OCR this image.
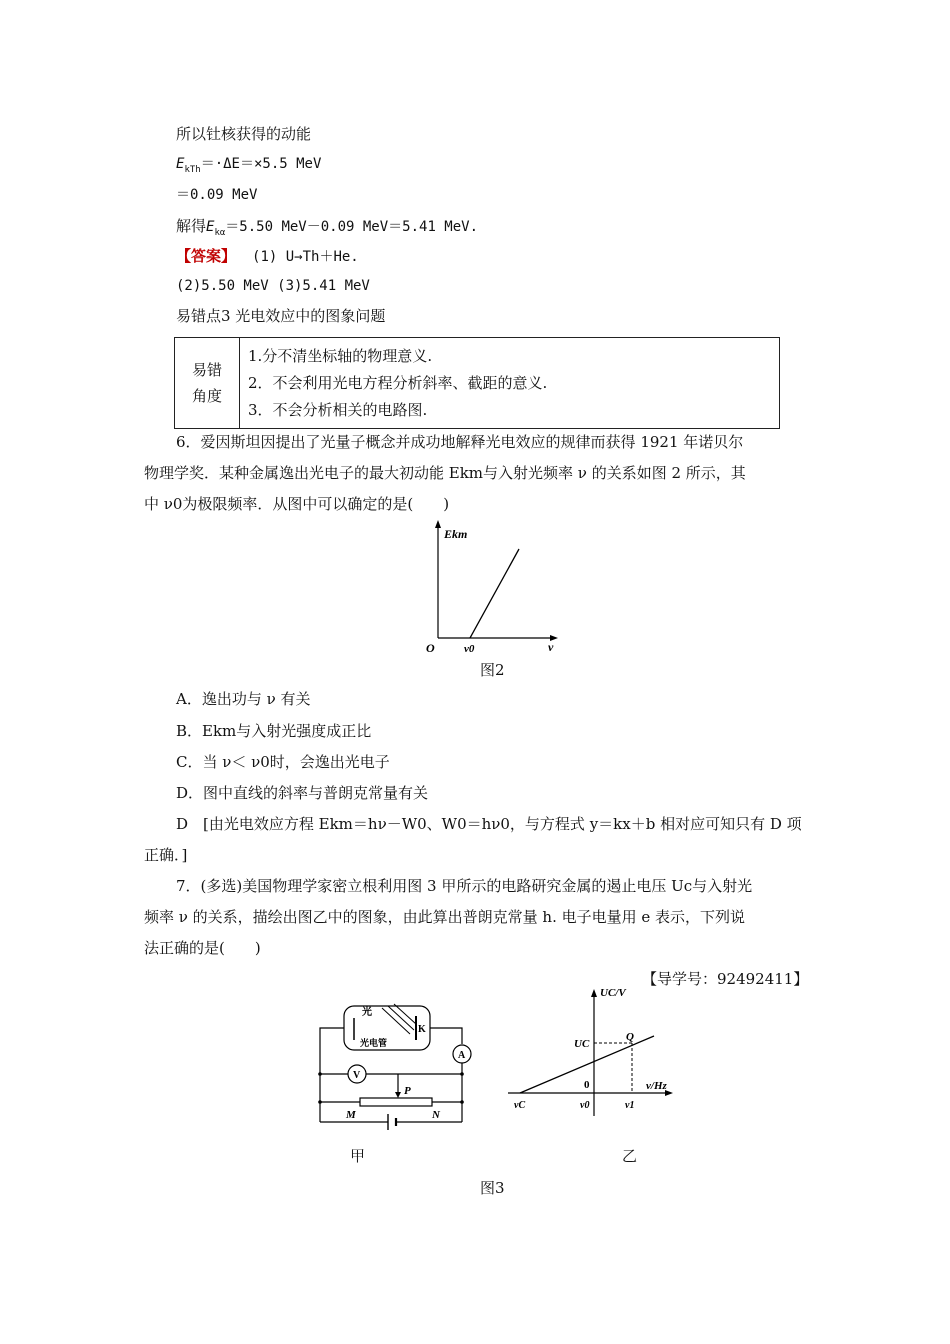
所以钍核获得的动能
$E_{kTh}=\cdot\Delta E=\times 5.5$ MeV
＝0.09 MeV
解得$E_{k\alpha}=5.50$ MeV－0.09 MeV＝5.41 MeV.
【答案】 (1) U→Th＋He.
(2)5.50 MeV (3)5.41 MeV
易错点3 光电效应中的图象问题
易错
角度

1.分不清坐标轴的物理意义.
2．不会利用光电方程分析斜率、截距的意义.
3．不会分析相关的电路图.
6．爱因斯坦因提出了光量子概念并成功地解释光电效应的规律而获得 1921 年诺贝尔
物理学奖．某种金属逸出光电子的最大初动能 Ekm与入射光频率 ν 的关系如图 2 所示，其
中 ν0为极限频率．从图中可以确定的是(　　)
Ekm
O	ν0	ν
图2
A．逸出功与 ν 有关
B．Ekm与入射光强度成正比
C．当 ν＜ ν0时，会逸出光电子
D．图中直线的斜率与普朗克常量有关
D　[由光电效应方程 Ekm＝hν－W0、W0＝hν0，与方程式 y＝kx＋b 相对应可知只有 D 项
正确．]
7．(多选)美国物理学家密立根利用图 3 甲所示的电路研究金属的遏止电压 Uc与入射光
频率 ν 的关系，描绘出图乙中的图象，由此算出普朗克常量 h. 电子电量用 e 表示，下列说
法正确的是(　　)
【导学号：92492411】
K
光
光电管
A
V
P
M	N
UC/V
UC
Q
ν/Hz
0
νC	ν0	ν1
甲	乙
图3
